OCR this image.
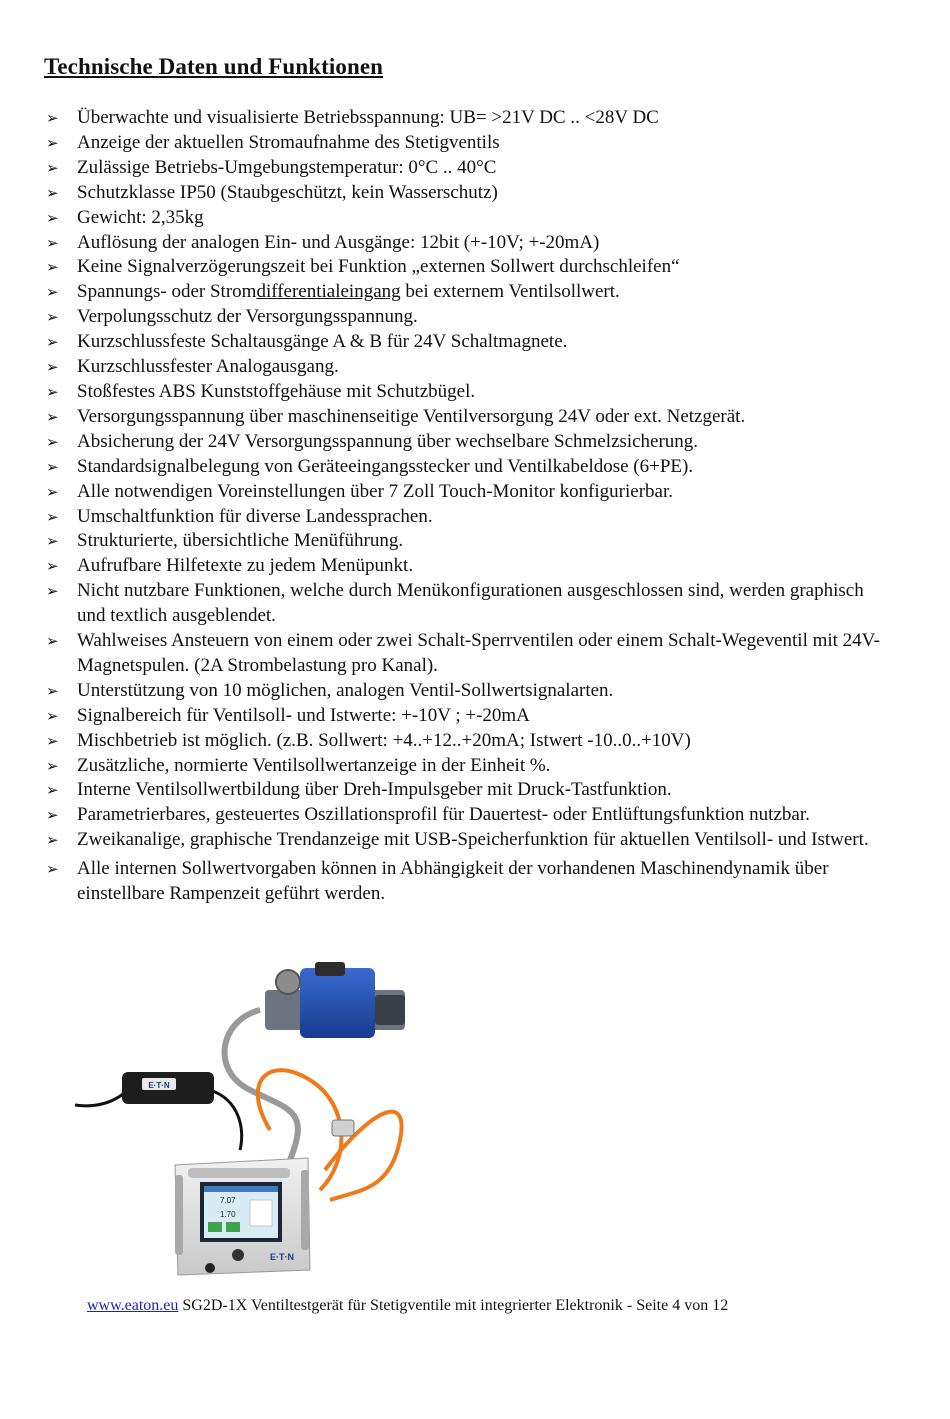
Technische Daten und Funktionen
➢ Überwachte und visualisierte Betriebsspannung: UB= >21V DC .. <28V DC
➢ Anzeige der aktuellen Stromaufnahme des Stetigventils
➢ Zulässige Betriebs-Umgebungstemperatur: 0°C .. 40°C
➢ Schutzklasse IP50 (Staubgeschützt, kein Wasserschutz)
➢ Gewicht: 2,35kg
➢ Auflösung der analogen Ein- und Ausgänge: 12bit (+-10V; +-20mA)
➢ Keine Signalverzögerungszeit bei Funktion „externen Sollwert durchschleifen“
➢ Spannungs- oder Stromdifferentialeingang bei externem Ventilsollwert.
➢ Verpolungsschutz der Versorgungsspannung.
➢ Kurzschlussfeste Schaltausgänge A & B für 24V Schaltmagnete.
➢ Kurzschlussfester Analogausgang.
➢ Stoßfestes ABS Kunststoffgehäuse mit Schutzbügel.
➢ Versorgungsspannung über maschinenseitige Ventilversorgung 24V oder ext. Netzgerät.
➢ Absicherung der 24V Versorgungsspannung über wechselbare Schmelzsicherung.
➢ Standardsignalbelegung von Geräteeingangsstecker und Ventilkabeldose (6+PE).
➢ Alle notwendigen Voreinstellungen über 7 Zoll Touch-Monitor konfigurierbar.
➢ Umschaltfunktion für diverse Landessprachen.
➢ Strukturierte, übersichtliche Menüführung.
➢ Aufrufbare Hilfetexte zu jedem Menüpunkt.
➢ Nicht nutzbare Funktionen, welche durch Menükonfigurationen ausgeschlossen sind, werden graphisch und textlich ausgeblendet.
➢ Wahlweises Ansteuern von einem oder zwei Schalt-Sperrventilen oder einem Schalt-Wegeventil mit 24V-Magnetspulen. (2A Strombelastung pro Kanal).
➢ Unterstützung von 10 möglichen, analogen Ventil-Sollwertsignalarten.
➢ Signalbereich für Ventilsoll- und Istwerte: +-10V ; +-20mA
➢ Mischbetrieb ist möglich. (z.B. Sollwert: +4..+12..+20mA; Istwert -10..0..+10V)
➢ Zusätzliche, normierte Ventilsollwertanzeige in der Einheit %.
➢ Interne Ventilsollwertbildung über Dreh-Impulsgeber mit Druck-Tastfunktion.
➢ Parametrierbares, gesteuertes Oszillationsprofil für Dauertest- oder Entlüftungsfunktion nutzbar.
➢ Zweikanalige, graphische Trendanzeige mit USB-Speicherfunktion für aktuellen Ventilsoll- und Istwert.
➢ Alle internen Sollwertvorgaben können in Abhängigkeit der vorhandenen Maschinendynamik über einstellbare Rampenzeit geführt werden.
E·T·N
7.07
1.70
E·T·N
www.eaton.eu SG2D-1X Ventiltestgerät für Stetigventile mit integrierter Elektronik - Seite 4 von 12
